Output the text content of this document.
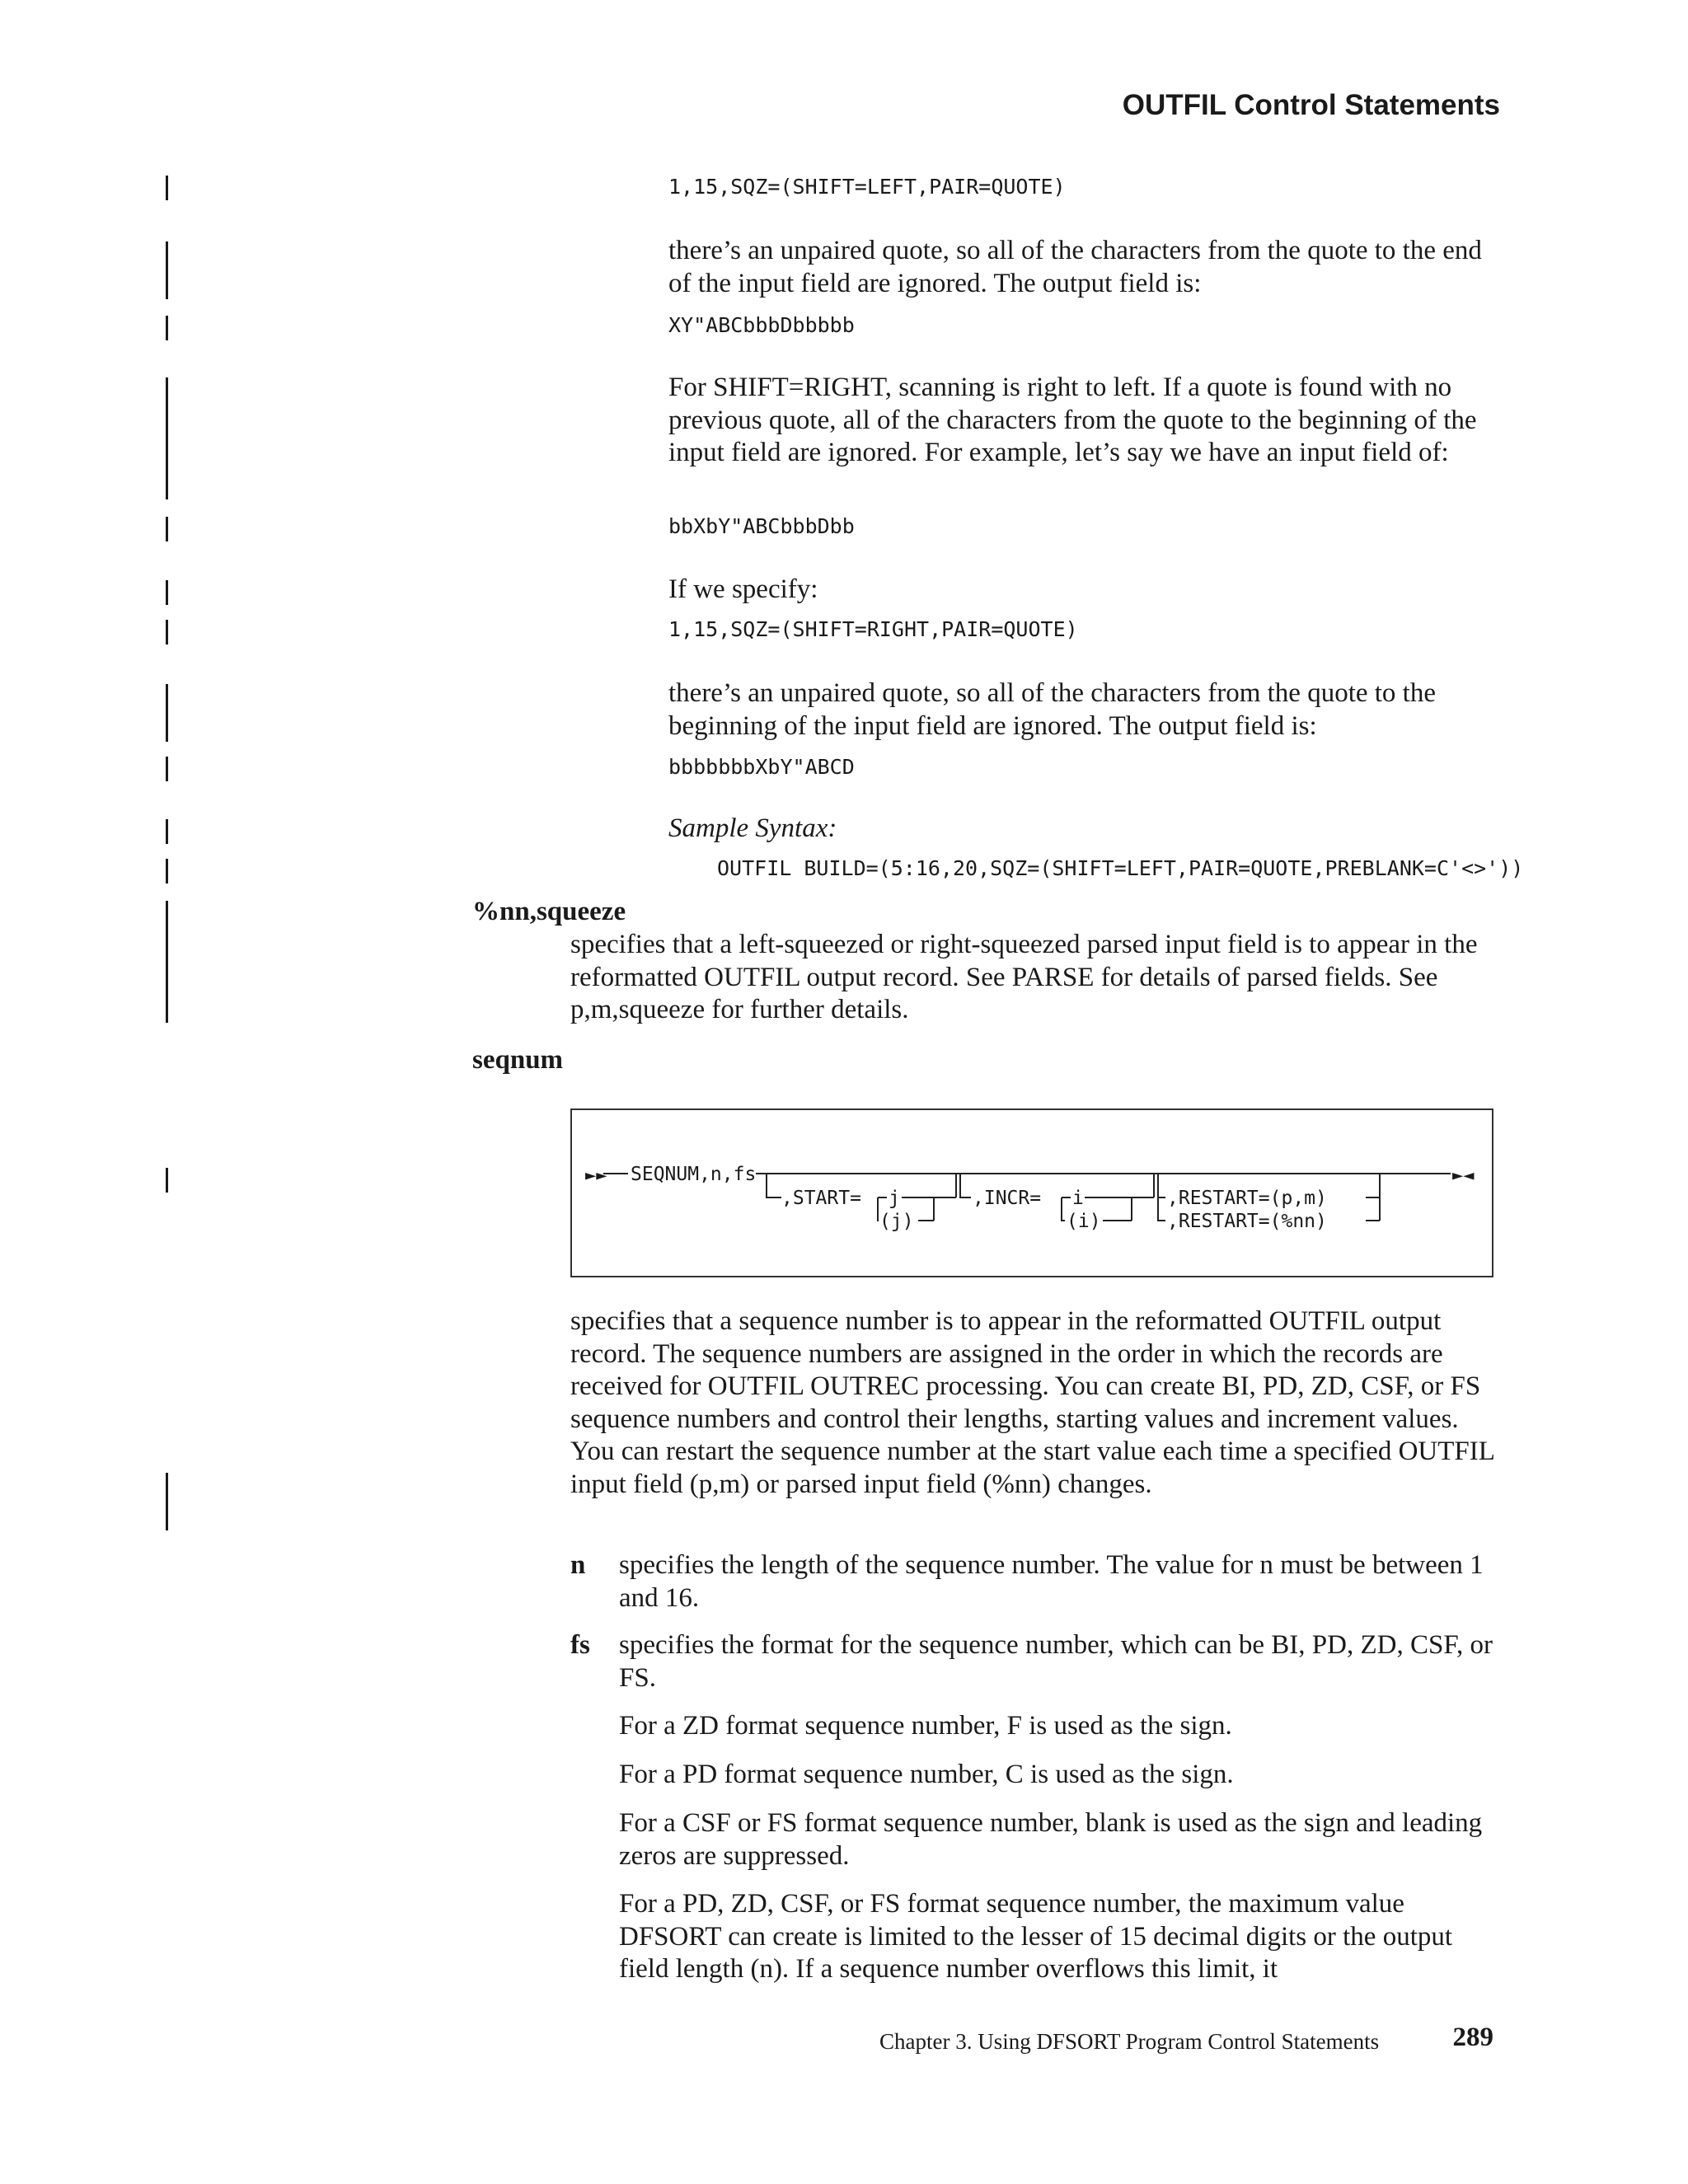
OUTFIL Control Statements
1,15,SQZ=(SHIFT=LEFT,PAIR=QUOTE)
there’s an unpaired quote, so all of the characters from the quote to the end of the input field are ignored. The output field is:
XY"ABCbbbDbbbbb
For SHIFT=RIGHT, scanning is right to left. If a quote is found with no previous quote, all of the characters from the quote to the beginning of the input field are ignored. For example, let’s say we have an input field of:
bbXbY"ABCbbbDbb
If we specify:
1,15,SQZ=(SHIFT=RIGHT,PAIR=QUOTE)
there’s an unpaired quote, so all of the characters from the quote to the beginning of the input field are ignored. The output field is:
bbbbbbbXbY"ABCD
Sample Syntax:
OUTFIL BUILD=(5:16,20,SQZ=(SHIFT=LEFT,PAIR=QUOTE,PREBLANK=C'<>'))
%nn,squeeze
specifies that a left-squeezed or right-squeezed parsed input field is to appear in the reformatted OUTFIL output record. See PARSE for details of parsed fields. See p,m,squeeze for further details.
seqnum
►►	►◄
SEQNUM,n,fs
,START= j
(j)
,INCR= i
(i)
,RESTART=(p,m)
,RESTART=(%nn)
specifies that a sequence number is to appear in the reformatted OUTFIL output record. The sequence numbers are assigned in the order in which the records are received for OUTFIL OUTREC processing. You can create BI, PD, ZD, CSF, or FS sequence numbers and control their lengths, starting values and increment values. You can restart the sequence number at the start value each time a specified OUTFIL input field (p,m) or parsed input field (%nn) changes.
n specifies the length of the sequence number. The value for n must be between 1 and 16.
fs specifies the format for the sequence number, which can be BI, PD, ZD, CSF, or FS.
For a ZD format sequence number, F is used as the sign.
For a PD format sequence number, C is used as the sign.
For a CSF or FS format sequence number, blank is used as the sign and leading zeros are suppressed.
For a PD, ZD, CSF, or FS format sequence number, the maximum value DFSORT can create is limited to the lesser of 15 decimal digits or the output field length (n). If a sequence number overflows this limit, it
Chapter 3. Using DFSORT Program Control Statements	289
